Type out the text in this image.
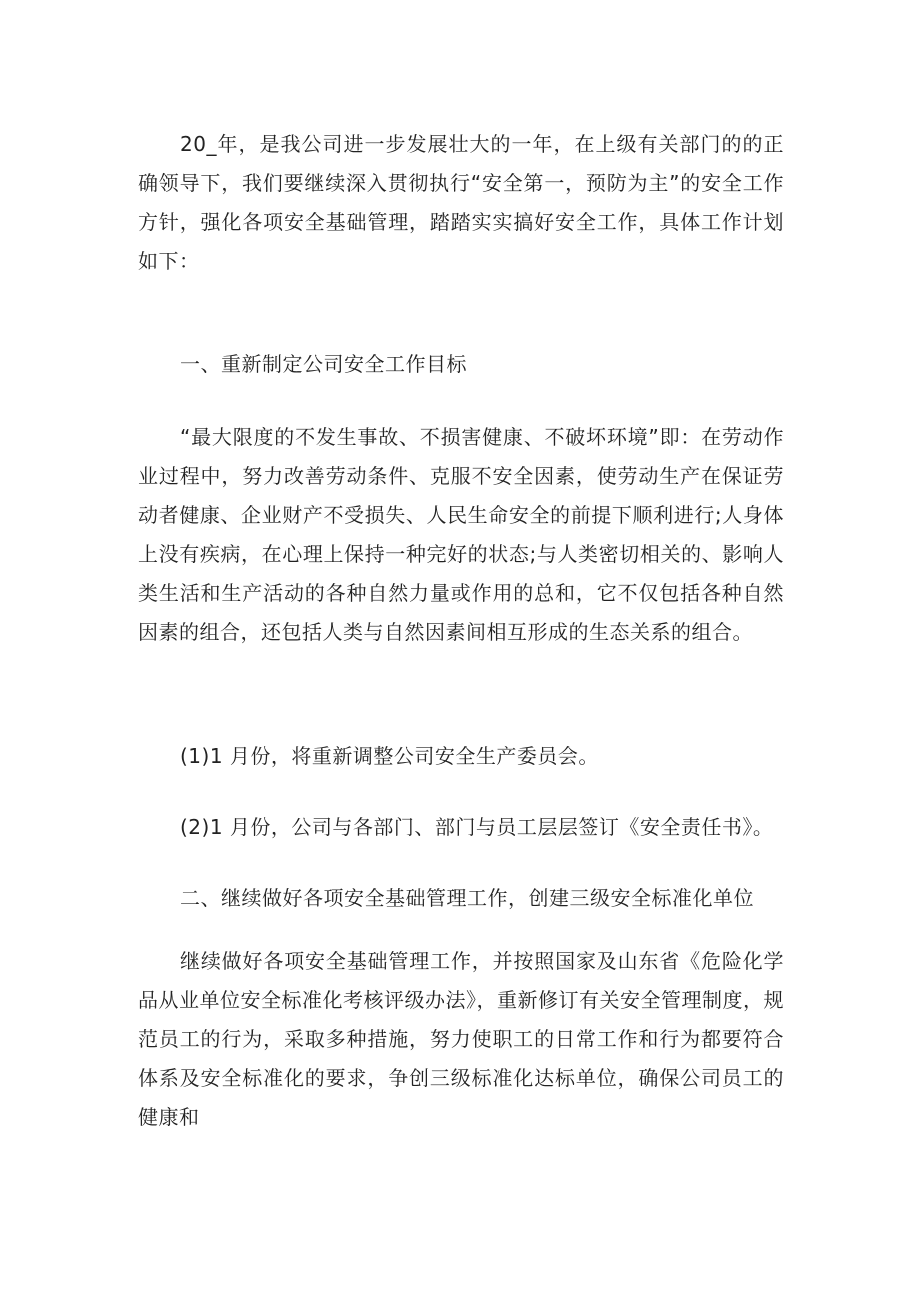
20_年，是我公司进一步发展壮大的一年，在上级有关部门的的正确领导下，我们要继续深入贯彻执行“安全第一，预防为主”的安全工作方针，强化各项安全基础管理，踏踏实实搞好安全工作，具体工作计划如下：

一、重新制定公司安全工作目标

“最大限度的不发生事故、不损害健康、不破坏环境”即：在劳动作业过程中，努力改善劳动条件、克服不安全因素，使劳动生产在保证劳动者健康、企业财产不受损失、人民生命安全的前提下顺利进行;人身体上没有疾病，在心理上保持一种完好的状态;与人类密切相关的、影响人类生活和生产活动的各种自然力量或作用的总和，它不仅包括各种自然因素的组合，还包括人类与自然因素间相互形成的生态关系的组合。

(1)1 月份，将重新调整公司安全生产委员会。

(2)1 月份，公司与各部门、部门与员工层层签订《安全责任书》。

二、继续做好各项安全基础管理工作，创建三级安全标准化单位

继续做好各项安全基础管理工作，并按照国家及山东省《危险化学品从业单位安全标准化考核评级办法》，重新修订有关安全管理制度，规范员工的行为，采取多种措施，努力使职工的日常工作和行为都要符合体系及安全标准化的要求，争创三级标准化达标单位，确保公司员工的健康和
